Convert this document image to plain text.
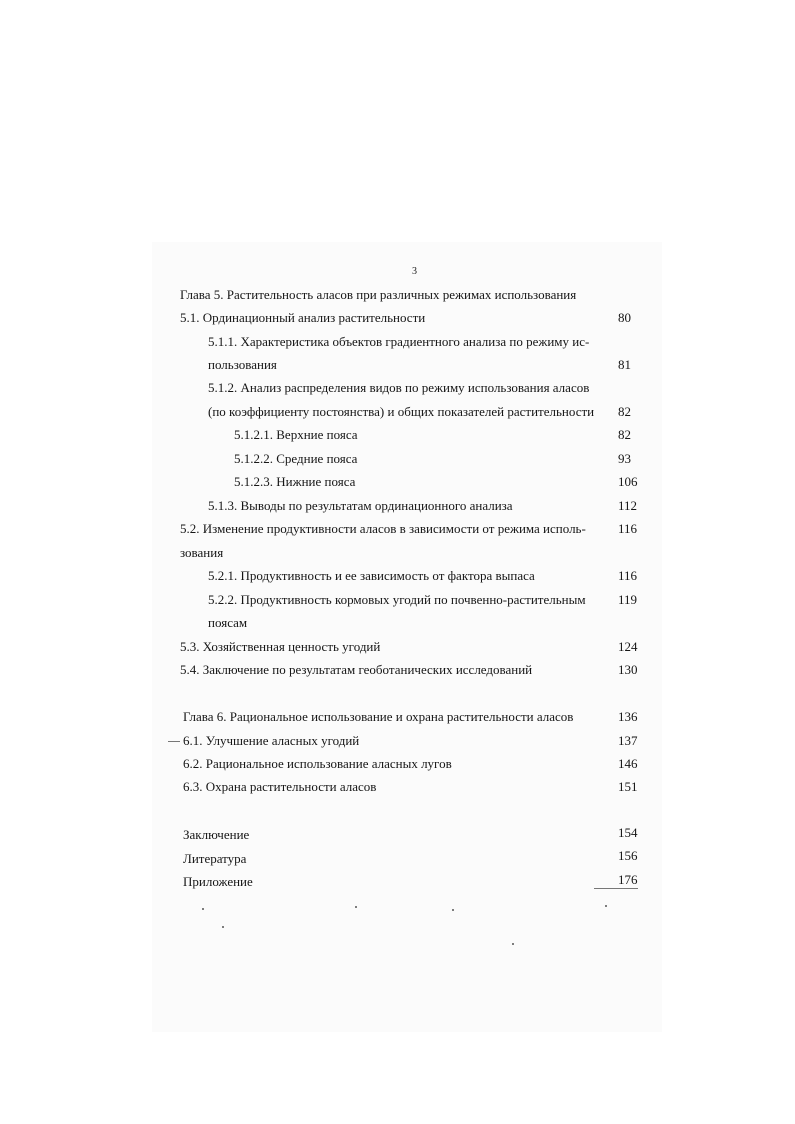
3
Глава 5. Растительность аласов при различных режимах использования
5.1. Ординационный анализ растительности	80
5.1.1. Характеристика объектов градиентного анализа по режиму ис-
пользования	81
5.1.2. Анализ распределения видов по режиму использования аласов
(по коэффициенту постоянства) и общих показателей растительности 82
5.1.2.1. Верхние пояса	82
5.1.2.2. Средние пояса	93
5.1.2.3. Нижние пояса	106
5.1.3. Выводы по результатам ординационного анализа	112
5.2. Изменение продуктивности аласов в зависимости от режима исполь- 116
зования
5.2.1. Продуктивность и ее зависимость от фактора выпаса	116
5.2.2. Продуктивность кормовых угодий по почвенно-растительным 119
поясам
5.3. Хозяйственная ценность угодий	124
5.4. Заключение по результатам геоботанических исследований	130
Глава 6. Рациональное использование и охрана растительности аласов	136
6.1. Улучшение аласных угодий	137
6.2. Рациональное использование аласных лугов	146
6.3. Охрана растительности аласов	151
Заключение	154
Литература	156
Приложение	176
